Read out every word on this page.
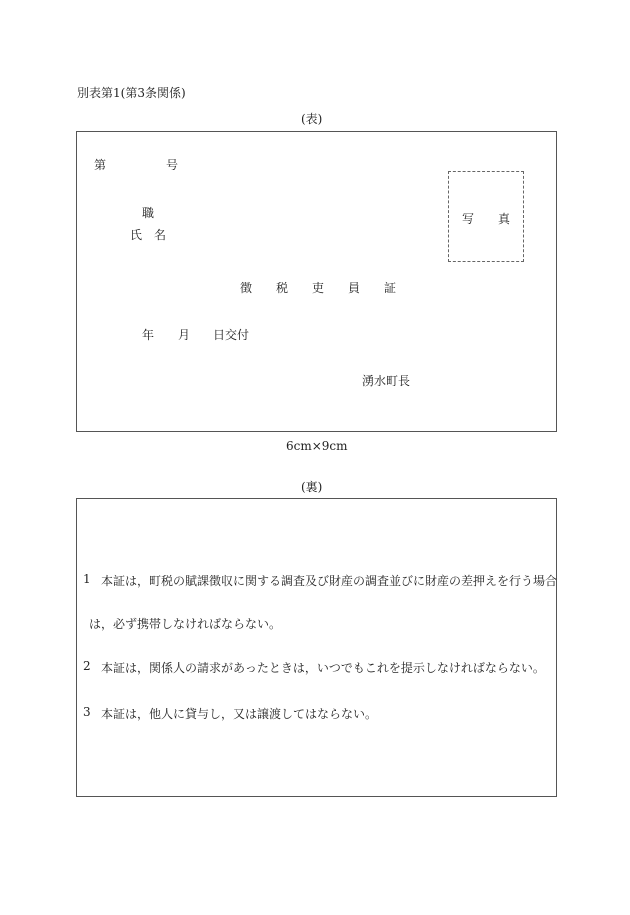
別表第1(第3条関係)
(表)
第	号
職
氏　名
写　　真
徴 税 吏 員 証
年 月 日交付
湧水町長
6cm×9cm
(裏)
1 本証は，町税の賦課徴収に関する調査及び財産の調査並びに財産の差押えを行う場合
は，必ず携帯しなければならない。
2 本証は，関係人の請求があったときは，いつでもこれを提示しなければならない。
3 本証は，他人に貸与し，又は譲渡してはならない。
